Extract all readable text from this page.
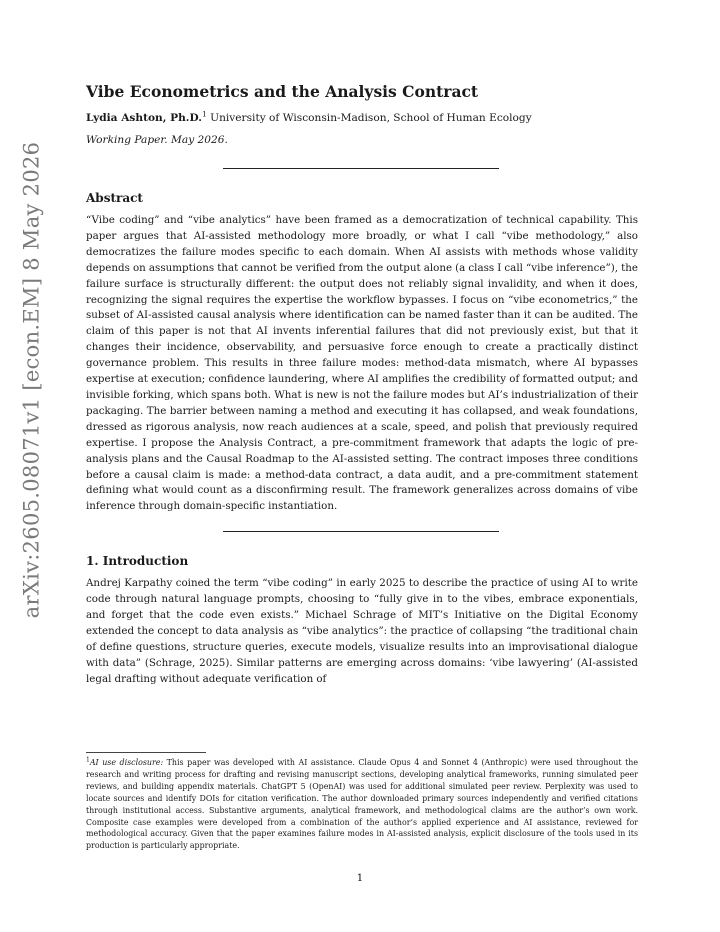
arXiv:2605.08071v1 [econ.EM] 8 May 2026
Vibe Econometrics and the Analysis Contract
Lydia Ashton, Ph.D.$^1$ University of Wisconsin-Madison, School of Human Ecology
Working Paper. May 2026.
Abstract
“Vibe coding” and “vibe analytics” have been framed as a democratization of technical capability. This paper argues that AI-assisted methodology more broadly, or what I call “vibe methodology,” also democratizes the failure modes specific to each domain. When AI assists with methods whose validity depends on assumptions that cannot be verified from the output alone (a class I call “vibe inference”), the failure surface is structurally different: the output does not reliably signal invalidity, and when it does, recognizing the signal requires the expertise the workflow bypasses. I focus on “vibe econometrics,” the subset of AI-assisted causal analysis where identification can be named faster than it can be audited. The claim of this paper is not that AI invents inferential failures that did not previously exist, but that it changes their incidence, observability, and persuasive force enough to create a practically distinct governance problem. This results in three failure modes: method-data mismatch, where AI bypasses expertise at execution; confidence laundering, where AI amplifies the credibility of formatted output; and invisible forking, which spans both. What is new is not the failure modes but AI’s industrialization of their packaging. The barrier between naming a method and executing it has collapsed, and weak foundations, dressed as rigorous analysis, now reach audiences at a scale, speed, and polish that previously required expertise. I propose the Analysis Contract, a pre-commitment framework that adapts the logic of pre-analysis plans and the Causal Roadmap to the AI-assisted setting. The contract imposes three conditions before a causal claim is made: a method-data contract, a data audit, and a pre-commitment statement defining what would count as a disconfirming result. The framework generalizes across domains of vibe inference through domain-specific instantiation.
1. Introduction
Andrej Karpathy coined the term “vibe coding” in early 2025 to describe the practice of using AI to write code through natural language prompts, choosing to “fully give in to the vibes, embrace exponentials, and forget that the code even exists.” Michael Schrage of MIT’s Initiative on the Digital Economy extended the concept to data analysis as “vibe analytics”: the practice of collapsing “the traditional chain of define questions, structure queries, execute models, visualize results into an improvisational dialogue with data” (Schrage, 2025). Similar patterns are emerging across domains: ‘vibe lawyering’ (AI-assisted legal drafting without adequate verification of
$^1$AI use disclosure: This paper was developed with AI assistance. Claude Opus 4 and Sonnet 4 (Anthropic) were used throughout the research and writing process for drafting and revising manuscript sections, developing analytical frameworks, running simulated peer reviews, and building appendix materials. ChatGPT 5 (OpenAI) was used for additional simulated peer review. Perplexity was used to locate sources and identify DOIs for citation verification. The author downloaded primary sources independently and verified citations through institutional access. Substantive arguments, analytical framework, and methodological claims are the author’s own work. Composite case examples were developed from a combination of the author’s applied experience and AI assistance, reviewed for methodological accuracy. Given that the paper examines failure modes in AI-assisted analysis, explicit disclosure of the tools used in its production is particularly appropriate.
1
